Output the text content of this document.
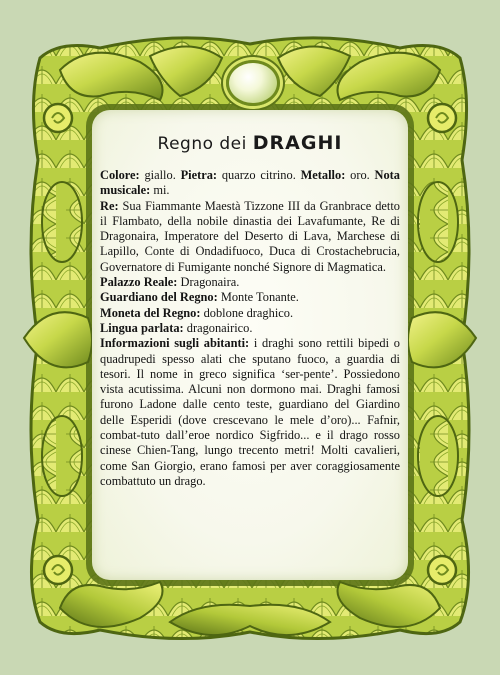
Regno dei DRAGHI

Colore: giallo. Pietra: quarzo citrino. Metallo: oro. Nota musicale: mi.

Re: Sua Fiammante Maestà Tizzone III da Granbrace detto il Flambato, della nobile dinastia dei Lavafumante, Re di Dragonaira, Imperatore del Deserto di Lava, Marchese di Lapillo, Conte di Ondadifuoco, Duca di Crostachebrucia, Governatore di Fumigante nonché Signore di Magmatica.

Palazzo Reale: Dragonaira.

Guardiano del Regno: Monte Tonante.

Moneta del Regno: doblone draghico.

Lingua parlata: dragonairico.

Informazioni sugli abitanti: i draghi sono rettili bipedi o quadrupedi spesso alati che sputano fuoco, a guardia di tesori. Il nome in greco significa ‘ser-pente’. Possiedono vista acutissima. Alcuni non dormono mai. Draghi famosi furono Ladone dalle cento teste, guardiano del Giardino delle Esperidi (dove crescevano le mele d’oro)... Fafnir, combat-tuto dall’eroe nordico Sigfrido... e il drago rosso cinese Chien-Tang, lungo trecento metri! Molti cavalieri, come San Giorgio, erano famosi per aver coraggiosamente combattuto un drago.
